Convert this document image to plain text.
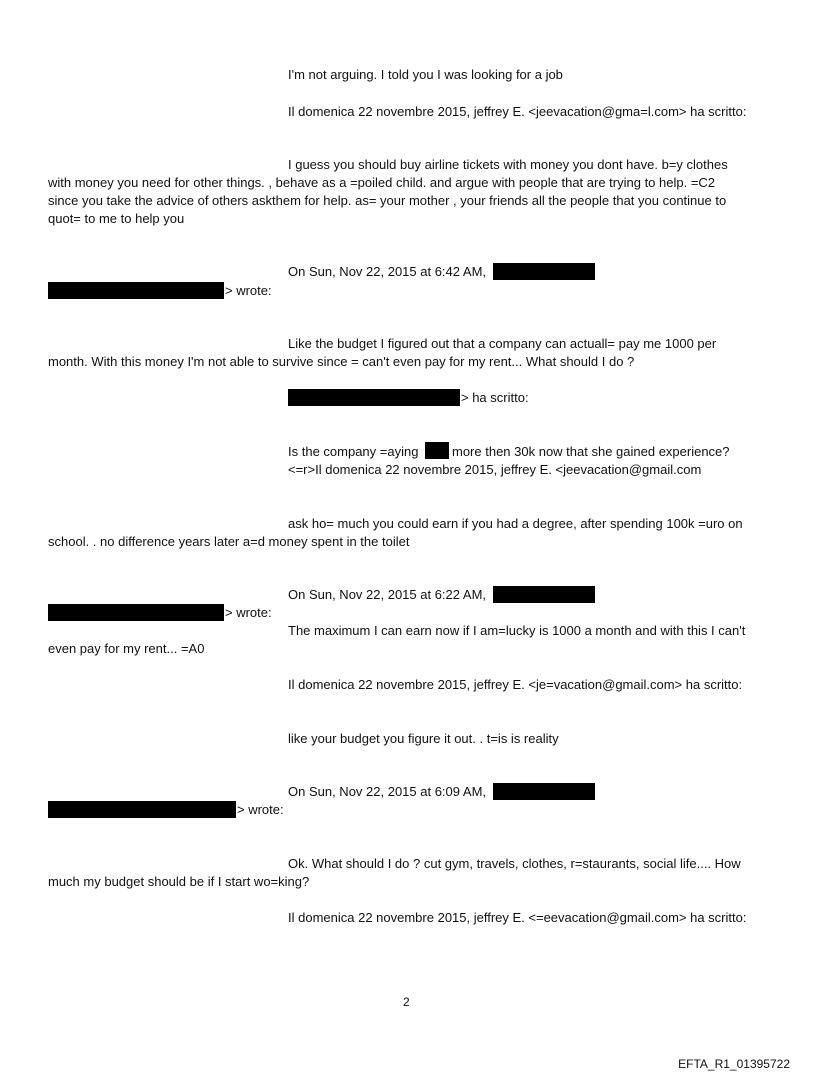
I'm not arguing. I told you I was looking for a job
Il domenica 22 novembre 2015, jeffrey E. <jeevacation@gma=l.com> ha scritto:
I guess you should buy airline tickets with money you dont have. b=y clothes
with money you need for other things. , behave as a =poiled child. and argue with people that are trying to help. =C2
since you take the advice of others askthem for help. as= your mother , your friends all the people that you continue to
quot= to me to help you
On Sun, Nov 22, 2015 at 6:42 AM,
> wrote:
Like the budget I figured out that a company can actuall= pay me 1000 per
month. With this money I'm not able to survive since = can't even pay for my rent... What should I do ?
> ha scritto:
Is the company =aying	more then 30k now that she gained experience?
<=r>Il domenica 22 novembre 2015, jeffrey E. <jeevacation@gmail.com
ask ho= much you could earn if you had a degree, after spending 100k =uro on
school. . no difference years later a=d money spent in the toilet
On Sun, Nov 22, 2015 at 6:22 AM,
> wrote:
The maximum I can earn now if I am=lucky is 1000 a month and with this I can't
even pay for my rent... =A0
Il domenica 22 novembre 2015, jeffrey E. <je=vacation@gmail.com> ha scritto:
like your budget you figure it out. . t=is is reality
On Sun, Nov 22, 2015 at 6:09 AM,
> wrote:
Ok. What should I do ? cut gym, travels, clothes, r=staurants, social life.... How
much my budget should be if I start wo=king?
Il domenica 22 novembre 2015, jeffrey E. <=eevacation@gmail.com> ha scritto:
2
EFTA_R1_01395722
